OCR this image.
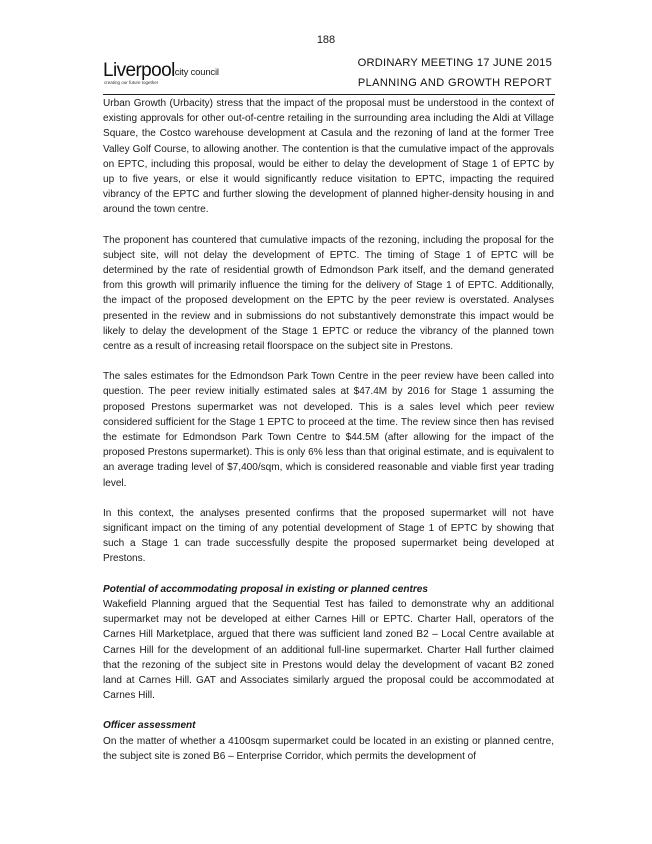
188
Liverpoolcity council
creating our future together
ORDINARY MEETING 17 JUNE 2015
PLANNING AND GROWTH REPORT

Urban Growth (Urbacity) stress that the impact of the proposal must be understood in the context of existing approvals for other out-of-centre retailing in the surrounding area including the Aldi at Village Square, the Costco warehouse development at Casula and the rezoning of land at the former Tree Valley Golf Course, to allowing another. The contention is that the cumulative impact of the approvals on EPTC, including this proposal, would be either to delay the development of Stage 1 of EPTC by up to five years, or else it would significantly reduce visitation to EPTC, impacting the required vibrancy of the EPTC and further slowing the development of planned higher-density housing in and around the town centre.

The proponent has countered that cumulative impacts of the rezoning, including the proposal for the subject site, will not delay the development of EPTC. The timing of Stage 1 of EPTC will be determined by the rate of residential growth of Edmondson Park itself, and the demand generated from this growth will primarily influence the timing for the delivery of Stage 1 of EPTC. Additionally, the impact of the proposed development on the EPTC by the peer review is overstated. Analyses presented in the review and in submissions do not substantively demonstrate this impact would be likely to delay the development of the Stage 1 EPTC or reduce the vibrancy of the planned town centre as a result of increasing retail floorspace on the subject site in Prestons.

The sales estimates for the Edmondson Park Town Centre in the peer review have been called into question. The peer review initially estimated sales at $47.4M by 2016 for Stage 1 assuming the proposed Prestons supermarket was not developed. This is a sales level which peer review considered sufficient for the Stage 1 EPTC to proceed at the time. The review since then has revised the estimate for Edmondson Park Town Centre to $44.5M (after allowing for the impact of the proposed Prestons supermarket). This is only 6% less than that original estimate, and is equivalent to an average trading level of $7,400/sqm, which is considered reasonable and viable first year trading level.

In this context, the analyses presented confirms that the proposed supermarket will not have significant impact on the timing of any potential development of Stage 1 of EPTC by showing that such a Stage 1 can trade successfully despite the proposed supermarket being developed at Prestons.

Potential of accommodating proposal in existing or planned centres

Wakefield Planning argued that the Sequential Test has failed to demonstrate why an additional supermarket may not be developed at either Carnes Hill or EPTC. Charter Hall, operators of the Carnes Hill Marketplace, argued that there was sufficient land zoned B2 – Local Centre available at Carnes Hill for the development of an additional full-line supermarket. Charter Hall further claimed that the rezoning of the subject site in Prestons would delay the development of vacant B2 zoned land at Carnes Hill. GAT and Associates similarly argued the proposal could be accommodated at Carnes Hill.

Officer assessment

On the matter of whether a 4100sqm supermarket could be located in an existing or planned centre, the subject site is zoned B6 – Enterprise Corridor, which permits the development of
